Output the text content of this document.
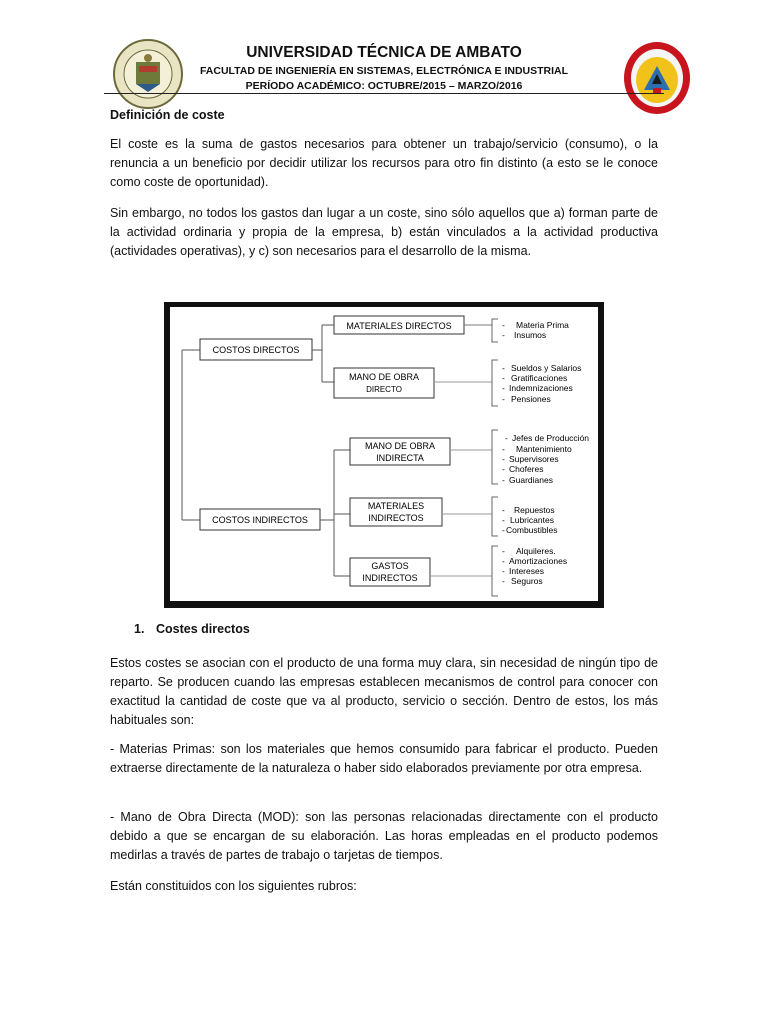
UNIVERSIDAD TÉCNICA DE AMBATO
FACULTAD DE INGENIERÍA EN SISTEMAS, ELECTRÓNICA E INDUSTRIAL
PERÍODO ACADÉMICO: OCTUBRE/2015 – MARZO/2016
Definición de coste
El coste es la suma de gastos necesarios para obtener un trabajo/servicio (consumo), o la renuncia a un beneficio por decidir utilizar los recursos para otro fin distinto (a esto se le conoce como coste de oportunidad).
Sin embargo, no todos los gastos dan lugar a un coste, sino sólo aquellos que a) forman parte de la actividad ordinaria y propia de la empresa, b) están vinculados a la actividad productiva (actividades operativas), y c) son necesarios para el desarrollo de la misma.
COSTOS DIRECTOS
COSTOS INDIRECTOS
MATERIALES DIRECTOS
MANO DE OBRA
DIRECTO
MANO DE OBRA
INDIRECTA
MATERIALES
INDIRECTOS
GASTOS
INDIRECTOS
- Materia Prima
- Insumos
- Sueldos y Salarios
- Gratificaciones
- Indemnizaciones
- Pensiones
- Jefes de Producción
- Mantenimiento
- Supervisores
- Choferes
- Guardianes
- Repuestos
- Lubricantes
- Combustibles
- Alquileres.
- Amortizaciones
- Intereses
- Seguros
1. Costes directos
Estos costes se asocian con el producto de una forma muy clara, sin necesidad de ningún tipo de reparto. Se producen cuando las empresas establecen mecanismos de control para conocer con exactitud la cantidad de coste que va al producto, servicio o sección. Dentro de estos, los más habituales son:
- Materias Primas: son los materiales que hemos consumido para fabricar el producto. Pueden extraerse directamente de la naturaleza o haber sido elaborados previamente por otra empresa.
- Mano de Obra Directa (MOD): son las personas relacionadas directamente con el producto debido a que se encargan de su elaboración. Las horas empleadas en el producto podemos medirlas a través de partes de trabajo o tarjetas de tiempos.
Están constituidos con los siguientes rubros:
